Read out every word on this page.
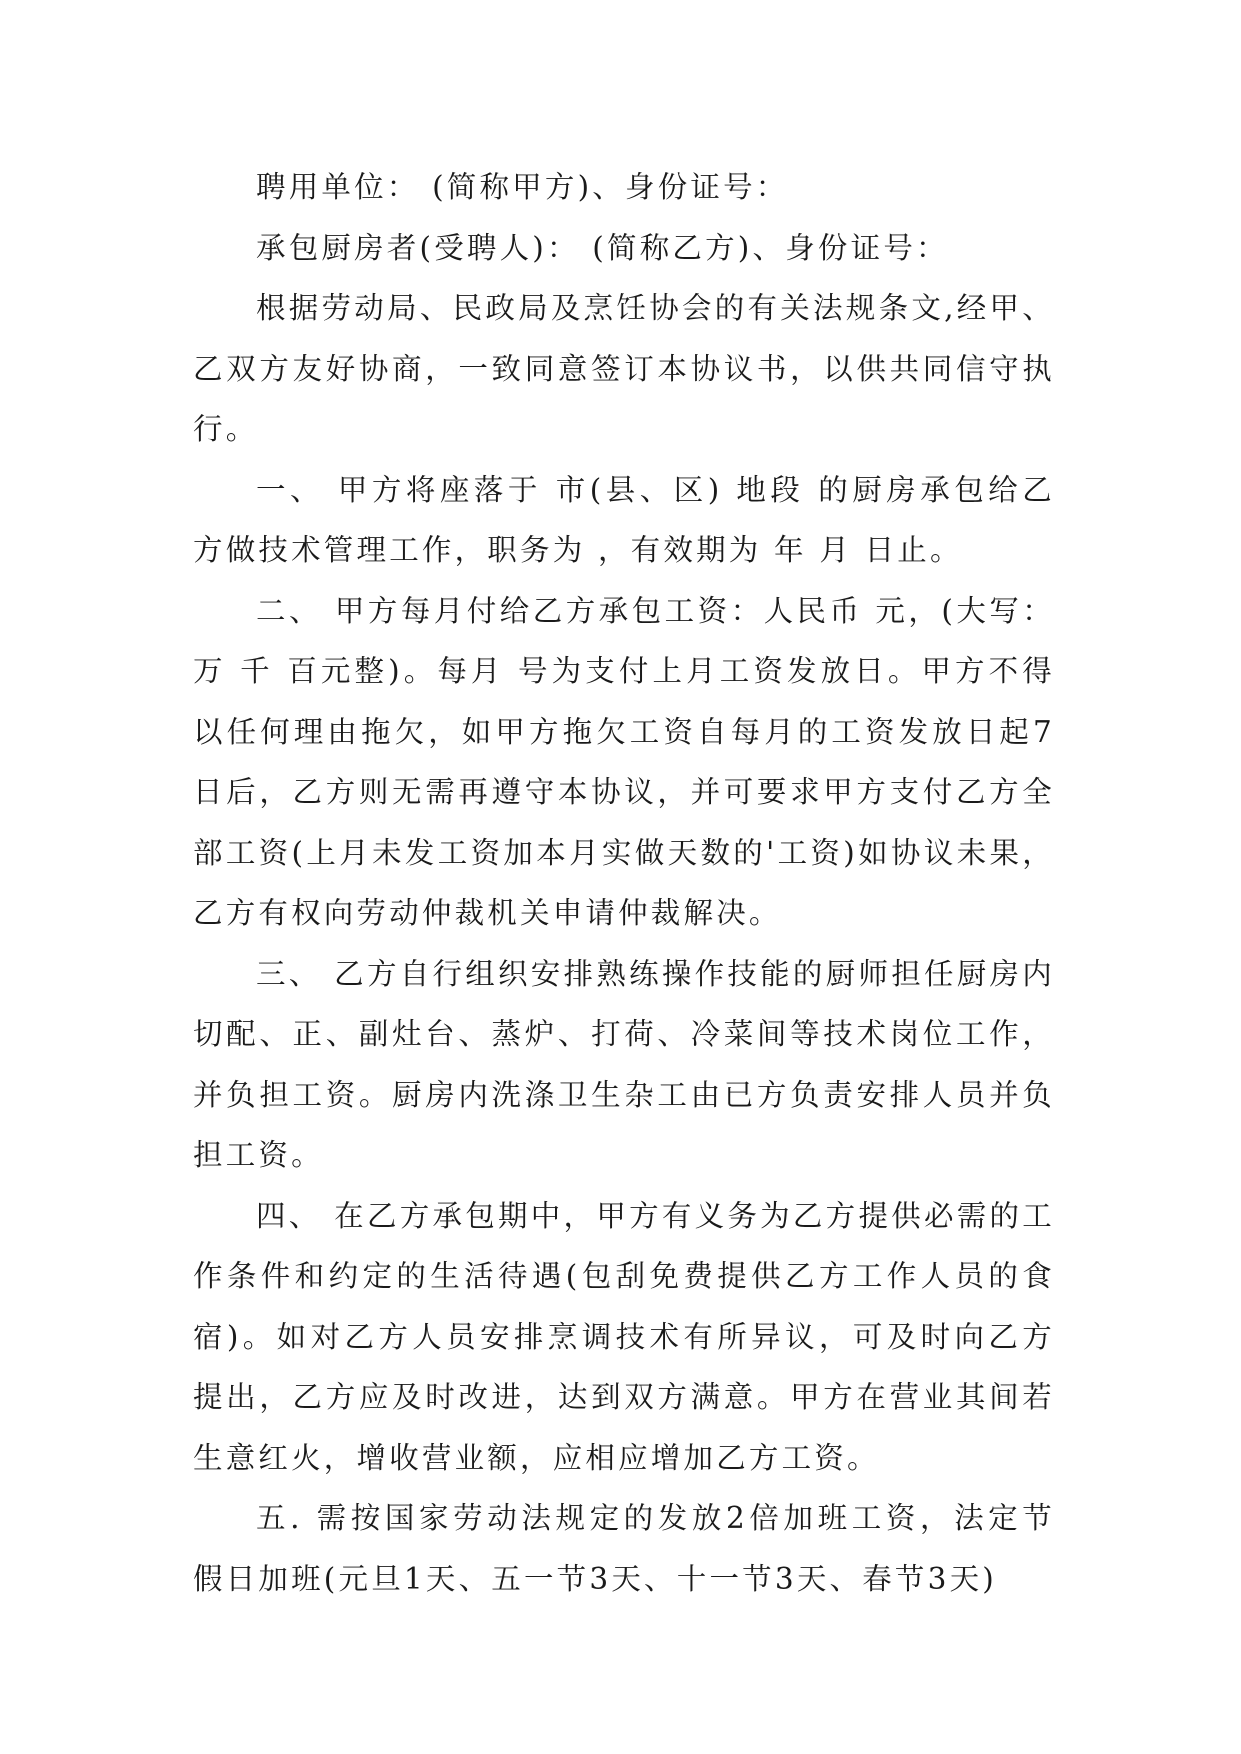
聘用单位： (简称甲方)、身份证号：

承包厨房者(受聘人)： (简称乙方)、身份证号：

根据劳动局、民政局及烹饪协会的有关法规条文,经甲、乙双方友好协商，一致同意签订本协议书，以供共同信守执行。

一、 甲方将座落于 市(县、区) 地段 的厨房承包给乙方做技术管理工作，职务为 ，有效期为 年 月 日止。

二、 甲方每月付给乙方承包工资：人民币 元，(大写：万 千 百元整)。每月 号为支付上月工资发放日。甲方不得以任何理由拖欠，如甲方拖欠工资自每月的工资发放日起7日后，乙方则无需再遵守本协议，并可要求甲方支付乙方全部工资(上月未发工资加本月实做天数的'工资)如协议未果，乙方有权向劳动仲裁机关申请仲裁解决。

三、 乙方自行组织安排熟练操作技能的厨师担任厨房内切配、正、副灶台、蒸炉、打荷、冷菜间等技术岗位工作，并负担工资。厨房内洗涤卫生杂工由已方负责安排人员并负担工资。

四、 在乙方承包期中，甲方有义务为乙方提供必需的工作条件和约定的生活待遇(包刮免费提供乙方工作人员的食宿)。如对乙方人员安排烹调技术有所异议，可及时向乙方提出，乙方应及时改进，达到双方满意。甲方在营业其间若生意红火，增收营业额，应相应增加乙方工资。

五. 需按国家劳动法规定的发放2倍加班工资，法定节假日加班(元旦1天、五一节3天、十一节3天、春节3天)
